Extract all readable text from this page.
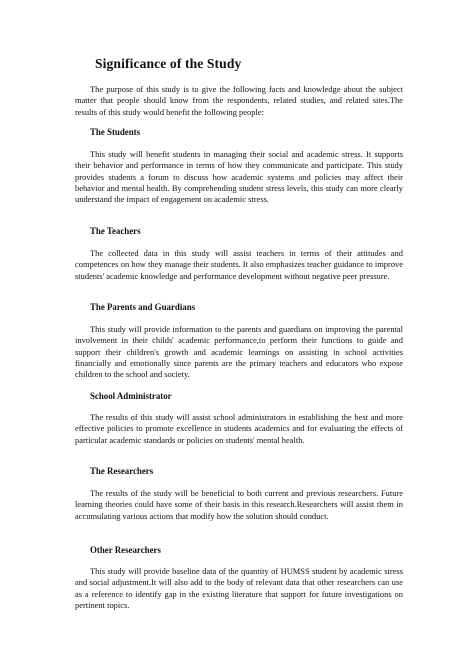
Significance of the Study

The purpose of this study is to give the following facts and knowledge about the subject matter that people should know from the respondents, related studies, and related sites.The results of this study would benefit the following people:

The Students

This study will benefit students in managing their social and academic stress. It supports their behavior and performance in terms of how they communicate and participate. This study provides students a forum to discuss how academic systems and policies may affect their behavior and mental health. By comprehending student stress levels, this study can more clearly understand the impact of engagement on academic stress.

The Teachers

The collected data in this study will assist teachers in terms of their attitudes and competences on how they manage their students. It also emphasizes teacher guidance to improve students' academic knowledge and performance development without negative peer pressure.

The Parents and Guardians

This study will provide information to the parents and guardians on improving the parental involvement in their childs' academic performance,to perform their functions to guide and support their children's growth and academic learnings on assisting in school activities financially and emotionally since parents are the primary teachers and educators who expose children to the school and society.

School Administrator

The results of this study will assist school administrators in establishing the best and more effective policies to promote excellence in students academics and for evaluating the effects of particular academic standards or policies on students' mental health.

The Researchers

The results of the study will be beneficial to both current and previous researchers. Future learning theories could have some of their basis in this research.Researchers will assist them in accumulating various actions that modify how the solution should conduct.

Other Researchers

This study will provide baseline data of the quantity of HUMSS student by academic stress and social adjustment.It will also add to the body of relevant data that other researchers can use as a reference to identify gap in the existing literature that support for future investigations on pertinent topics.
